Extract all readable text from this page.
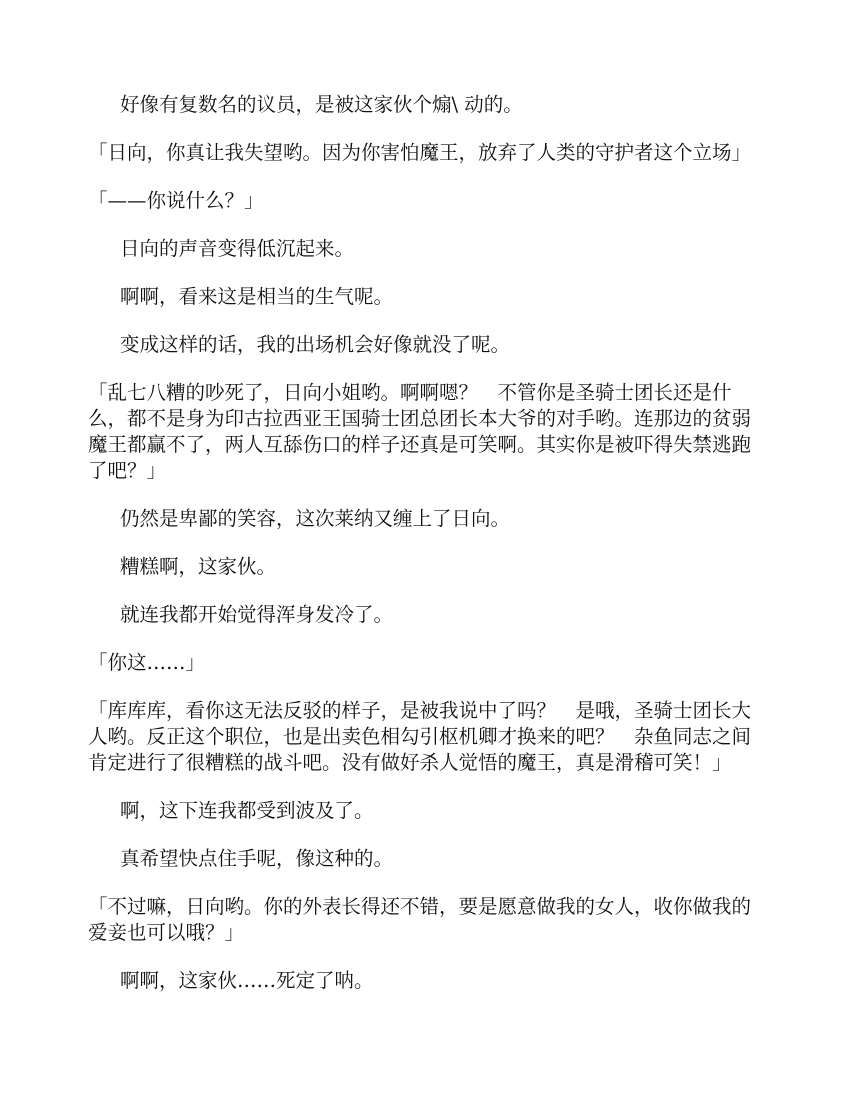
好像有复数名的议员，是被这家伙个煽\ 动的。

「日向，你真让我失望哟。因为你害怕魔王，放弃了人类的守护者这个立场」

「——你说什么？」

日向的声音变得低沉起来。

啊啊，看来这是相当的生气呢。

变成这样的话，我的出场机会好像就没了呢。

「乱七八糟的吵死了，日向小姐哟。啊啊嗯？　不管你是圣骑士团长还是什么，都不是身为印古拉西亚王国骑士团总团长本大爷的对手哟。连那边的贫弱魔王都赢不了，两人互舔伤口的样子还真是可笑啊。其实你是被吓得失禁逃跑了吧？」

仍然是卑鄙的笑容，这次莱纳又缠上了日向。

糟糕啊，这家伙。

就连我都开始觉得浑身发冷了。

「你这……」

「库库库，看你这无法反驳的样子，是被我说中了吗？　是哦，圣骑士团长大人哟。反正这个职位，也是出卖色相勾引枢机卿才换来的吧？　杂鱼同志之间肯定进行了很糟糕的战斗吧。没有做好杀人觉悟的魔王，真是滑稽可笑！」

啊，这下连我都受到波及了。

真希望快点住手呢，像这种的。

「不过嘛，日向哟。你的外表长得还不错，要是愿意做我的女人，收你做我的爱妾也可以哦？」

啊啊，这家伙……死定了呐。
